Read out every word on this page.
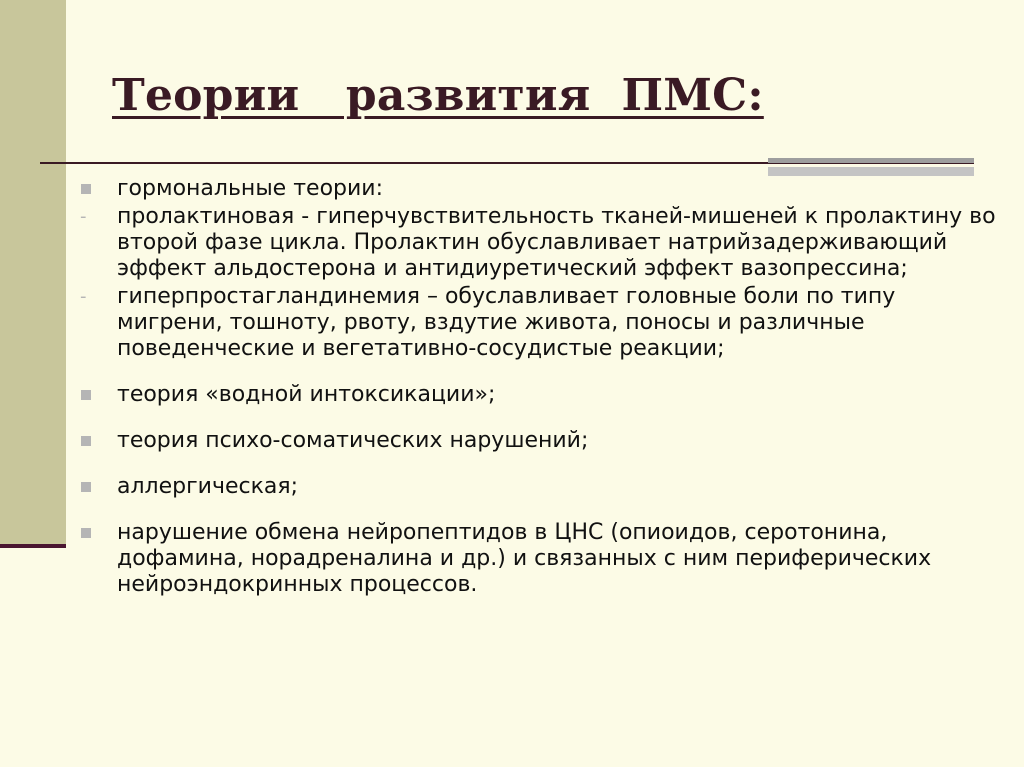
Теории   развития  ПМС:
гормональные теории:
- пролактиновая - гиперчувствительность тканей-мишеней к пролактину во второй фазе цикла. Пролактин обуславливает натрийзадерживающий эффект альдостерона и антидиуретический эффект вазопрессина;
- гиперпростагландинемия – обуславливает головные боли по типу мигрени, тошноту, рвоту, вздутие живота, поносы и различные поведенческие и вегетативно-сосудистые реакции;
теория «водной интоксикации»;
теория психо-соматических нарушений;
аллергическая;
нарушение обмена нейропептидов в ЦНС (опиоидов, серотонина, дофамина, норадреналина и др.) и связанных с ним периферических нейроэндокринных процессов.
